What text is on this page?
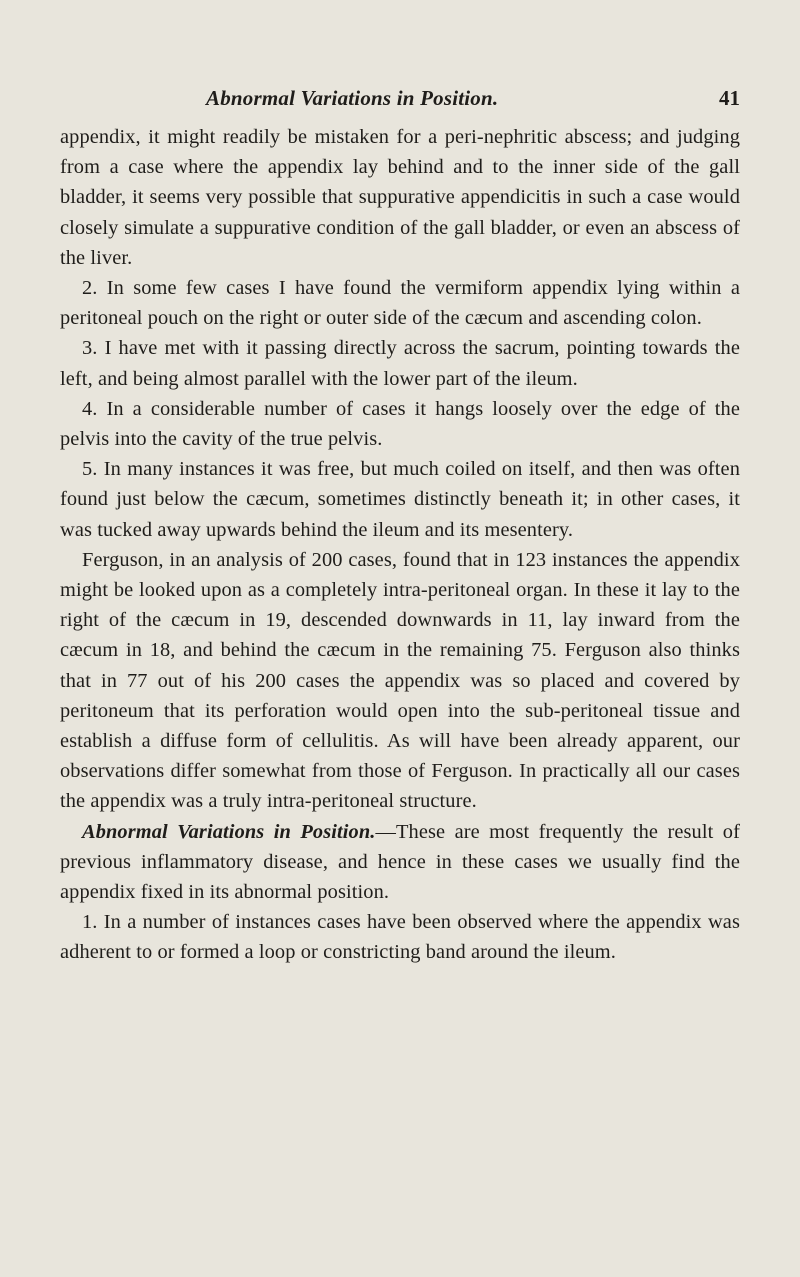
Abnormal Variations in Position.	41

appendix, it might readily be mistaken for a peri-nephritic abscess; and judging from a case where the appendix lay behind and to the inner side of the gall bladder, it seems very possible that suppurative appendicitis in such a case would closely simulate a suppurative condition of the gall bladder, or even an abscess of the liver.

2. In some few cases I have found the vermiform appendix lying within a peritoneal pouch on the right or outer side of the cæcum and ascending colon.

3. I have met with it passing directly across the sacrum, pointing towards the left, and being almost parallel with the lower part of the ileum.

4. In a considerable number of cases it hangs loosely over the edge of the pelvis into the cavity of the true pelvis.

5. In many instances it was free, but much coiled on itself, and then was often found just below the cæcum, sometimes distinctly beneath it; in other cases, it was tucked away upwards behind the ileum and its mesentery.

Ferguson, in an analysis of 200 cases, found that in 123 instances the appendix might be looked upon as a completely intra-peritoneal organ. In these it lay to the right of the cæcum in 19, descended downwards in 11, lay inward from the cæcum in 18, and behind the cæcum in the remaining 75. Ferguson also thinks that in 77 out of his 200 cases the appendix was so placed and covered by peritoneum that its perforation would open into the sub-peritoneal tissue and establish a diffuse form of cellulitis. As will have been already apparent, our observations differ somewhat from those of Ferguson. In practically all our cases the appendix was a truly intra-peritoneal structure.

Abnormal Variations in Position.—These are most frequently the result of previous inflammatory disease, and hence in these cases we usually find the appendix fixed in its abnormal position.

1. In a number of instances cases have been observed where the appendix was adherent to or formed a loop or constricting band around the ileum.
